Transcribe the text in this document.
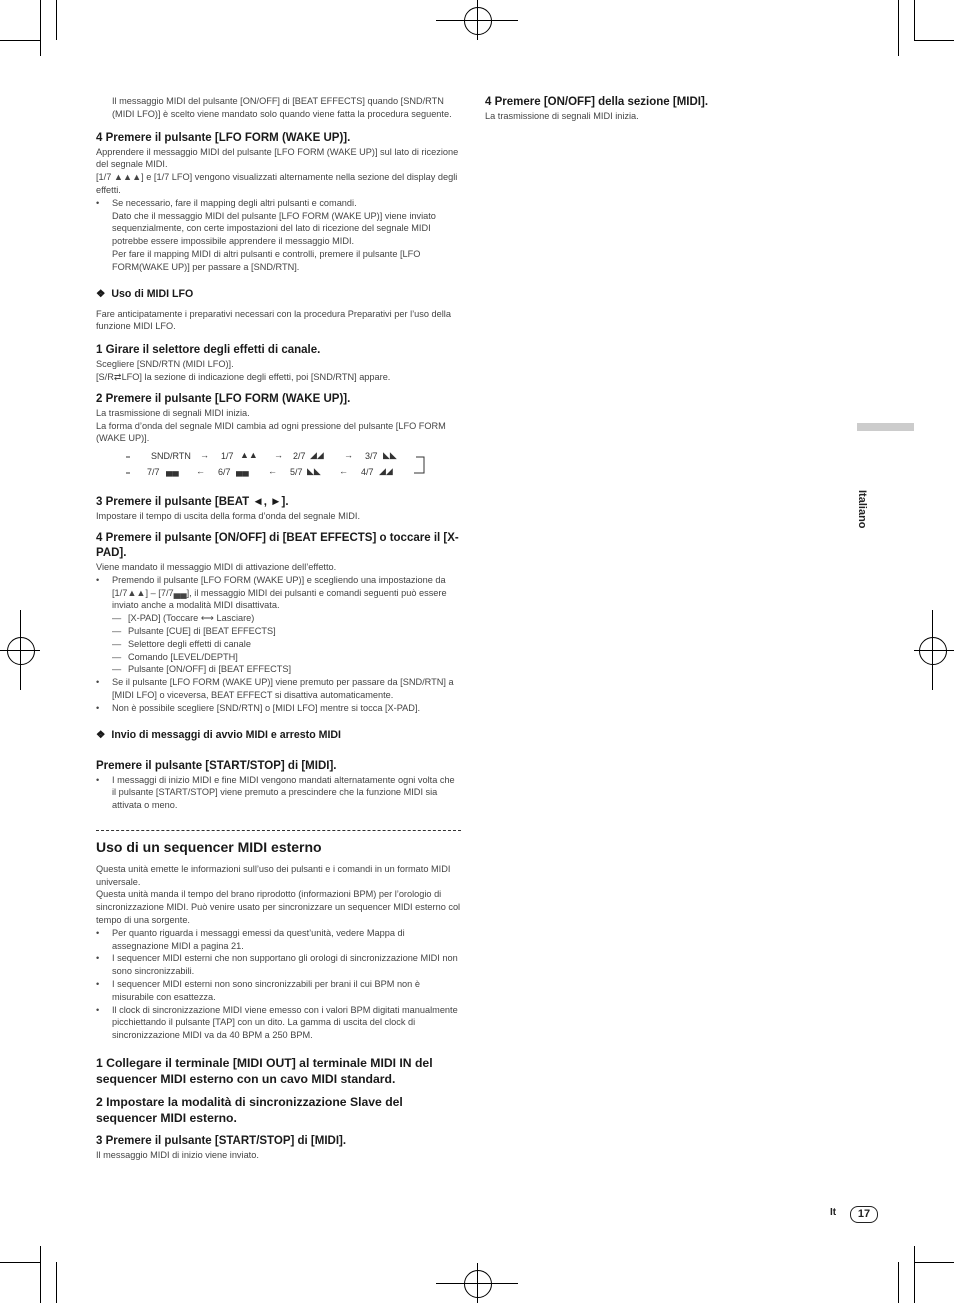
Il messaggio MIDI del pulsante [ON/OFF] di [BEAT EFFECTS] quando [SND/RTN (MIDI LFO)] è scelto viene mandato solo quando viene fatta la procedura seguente.

4 Premere il pulsante [LFO FORM (WAKE UP)].

Apprendere il messaggio MIDI del pulsante [LFO FORM (WAKE UP)] sul lato di ricezione del segnale MIDI.

[1/7 ▲▲▲] e [1/7 LFO] vengono visualizzati alternamente nella sezione del display degli effetti.

• Se necessario, fare il mapping degli altri pulsanti e comandi.

Dato che il messaggio MIDI del pulsante [LFO FORM (WAKE UP)] viene inviato sequenzialmente, con certe impostazioni del lato di ricezione del segnale MIDI potrebbe essere impossibile apprendere il messaggio MIDI.

Per fare il mapping MIDI di altri pulsanti e controlli, premere il pulsante [LFO FORM(WAKE UP)] per passare a [SND/RTN].

❖  Uso di MIDI LFO

Fare anticipatamente i preparativi necessari con la procedura Preparativi per l’uso della funzione MIDI LFO.

1 Girare il selettore degli effetti di canale.

Scegliere [SND/RTN (MIDI LFO)].

[S/R⇄LFO] la sezione di indicazione degli effetti, poi [SND/RTN] appare.

2 Premere il pulsante [LFO FORM (WAKE UP)].

La trasmissione di segnali MIDI inizia.

La forma d’onda del segnale MIDI cambia ad ogni pressione del pulsante [LFO FORM (WAKE UP)].

SND/RTN → 1/7 ▲▲ → 2/7 ◢◢ → 3/7 ◣◣
7/7 ▄▄ ← 6/7 ▄▄ ← 5/7 ◣◣ ← 4/7 ◢◢

3 Premere il pulsante [BEAT ◄, ►].

Impostare il tempo di uscita della forma d’onda del segnale MIDI.

4 Premere il pulsante [ON/OFF] di [BEAT EFFECTS] o toccare il [X-PAD].

Viene mandato il messaggio MIDI di attivazione dell’effetto.

• Premendo il pulsante [LFO FORM (WAKE UP)] e scegliendo una impostazione da [1/7▲▲] – [7/7▄▄], il messaggio MIDI dei pulsanti e comandi seguenti può essere inviato anche a modalità MIDI disattivata.

— [X-PAD] (Toccare ⟷ Lasciare)

— Pulsante [CUE] di [BEAT EFFECTS]

— Selettore degli effetti di canale

— Comando [LEVEL/DEPTH]

— Pulsante [ON/OFF] di [BEAT EFFECTS]

• Se il pulsante [LFO FORM (WAKE UP)] viene premuto per passare da [SND/RTN] a [MIDI LFO] o viceversa, BEAT EFFECT si disattiva automaticamente.

• Non è possibile scegliere [SND/RTN] o [MIDI LFO] mentre si tocca [X-PAD].

❖  Invio di messaggi di avvio MIDI e arresto MIDI

Premere il pulsante [START/STOP] di [MIDI].

• I messaggi di inizio MIDI e fine MIDI vengono mandati alternatamente ogni volta che il pulsante [START/STOP] viene premuto a prescindere che la funzione MIDI sia attivata o meno.

Uso di un sequencer MIDI esterno

Questa unità emette le informazioni sull’uso dei pulsanti e i comandi in un formato MIDI universale.

Questa unità manda il tempo del brano riprodotto (informazioni BPM) per l’orologio di sincronizzazione MIDI. Può venire usato per sincronizzare un sequencer MIDI esterno col tempo di una sorgente.

• Per quanto riguarda i messaggi emessi da quest’unità, vedere Mappa di assegnazione MIDI a pagina 21.

• I sequencer MIDI esterni che non supportano gli orologi di sincronizzazione MIDI non sono sincronizzabili.

• I sequencer MIDI esterni non sono sincronizzabili per brani il cui BPM non è misurabile con esattezza.

• Il clock di sincronizzazione MIDI viene emesso con i valori BPM digitati manualmente picchiettando il pulsante [TAP] con un dito. La gamma di uscita del clock di sincronizzazione MIDI va da 40 BPM a 250 BPM.

1 Collegare il terminale [MIDI OUT] al terminale MIDI IN del sequencer MIDI esterno con un cavo MIDI standard.

2 Impostare la modalità di sincronizzazione Slave del sequencer MIDI esterno.

3 Premere il pulsante [START/STOP] di [MIDI].

Il messaggio MIDI di inizio viene inviato.

4 Premere [ON/OFF] della sezione [MIDI].

La trasmissione di segnali MIDI inizia.

Italiano
It	17
